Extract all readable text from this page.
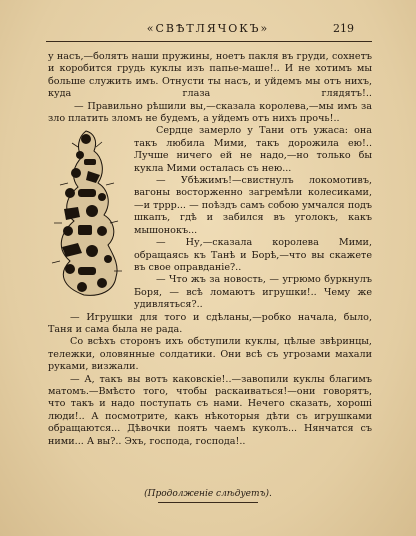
«СВѢТЛЯЧОКЪ»	219

у насъ,—болятъ наши пружины, ноетъ пакля въ груди, сохнетъ и коробится грудь куклы изъ папье-маше!.. И не хотимъ мы больше служить имъ. Отнусти ты насъ, и уйдемъ мы отъ нихъ, куда глаза глядятъ!..

— Правильно рѣшили вы,—сказала королева,—мы имъ за зло платить зломъ не будемъ, а уйдемъ отъ нихъ прочь!..

Сердце замерло у Тани отъ ужаса: она такъ любила Мими, такъ дорожила ею!.. Лучше ничего ей не надо,—но только бы кукла Мими осталась съ нею...

— Убѣжимъ!—свистнулъ локомотивъ, вагоны восторженно загремѣли колесиками,—и тррр... — поѣздъ самъ собою умчался подъ шкапъ, гдѣ и забился въ уголокъ, какъ мышонокъ...

— Ну,—сказала королева Мими, обращаясь къ Танѣ и Борѣ,—что вы скажете въ свое оправданіе?..

— Что жъ за новость, — угрюмо буркнулъ Боря, — всѣ ломаютъ игрушки!.. Чему же удивляться?..

— Игрушки для того и сдѣланы,—робко начала, было, Таня и сама была не рада.

Со всѣхъ сторонъ ихъ обступили куклы, цѣлые звѣринцы, тележки, оловянные солдатики. Они всѣ съ угрозами махали руками, визжали.

— А, такъ вы вотъ каковскіе!..—завопили куклы благимъ матомъ.—Вмѣсто того, чтобы раскаиваться!—они говорятъ, что такъ и надо поступать съ нами. Нечего сказать, хороші люди!.. А посмотрите, какъ нѣкоторыя дѣти съ игрушками обращаются... Дѣвочки поятъ чаемъ куколъ... Нянчатся съ ними... А вы?.. Эхъ, господа, господа!..

(Продолженіе слѣдуетъ).
